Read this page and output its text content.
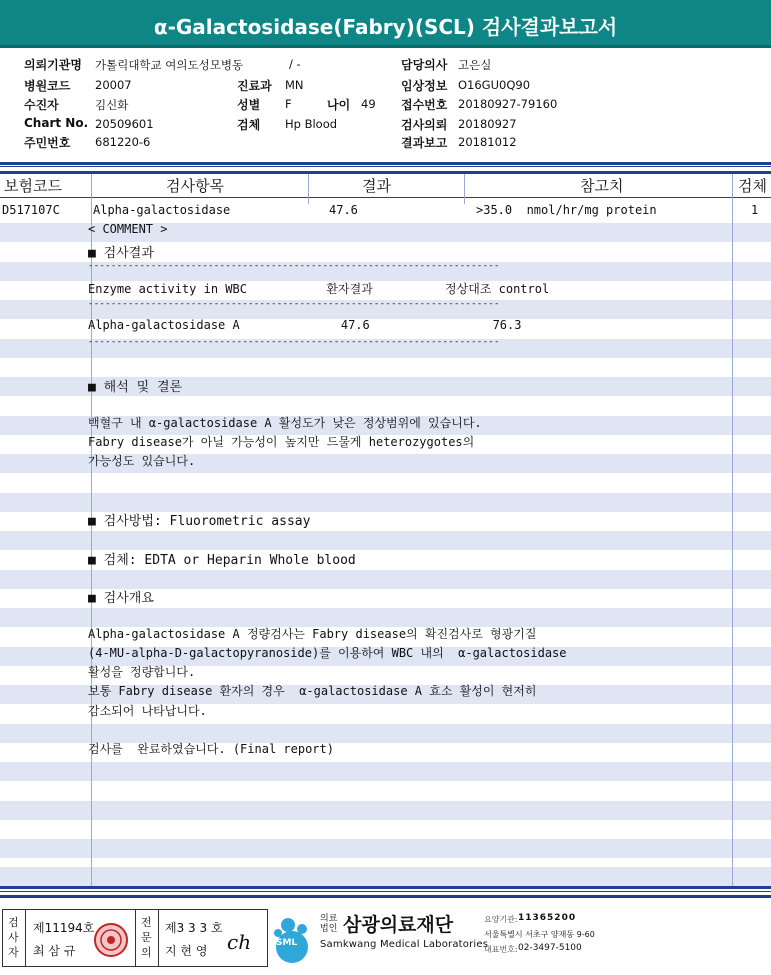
α-Galactosidase(Fabry)(SCL) 검사결과보고서
의뢰기관명 가톨릭대학교 여의도성모병동
병원코드 20007
수진자	김신화
Chart No. 20509601
주민번호 681220-6
/ -
진료과 MN
성별 F	나이 49
검체 Hp Blood
담당의사 고은실
임상정보 O16GU0Q90
접수번호 20180927-79160
검사의뢰 20180927
결과보고 20181012
보험코드	검사항목	결과	참고치	검체
D517107C	Alpha-galactosidase	47.6	>35.0  nmol/hr/mg protein	1
< COMMENT >
■ 검사결과
------------------------------------------------------------------------
Enzyme activity in WBC           환자결과          정상대조 control
------------------------------------------------------------------------
Alpha-galactosidase A              47.6                 76.3
------------------------------------------------------------------------
■ 해석 및 결론
백혈구 내 α-galactosidase A 활성도가 낮은 정상범위에 있습니다.
Fabry disease가 아닐 가능성이 높지만 드물게 heterozygotes의
가능성도 있습니다.
■ 검사방법: Fluorometric assay
■ 검체: EDTA or Heparin Whole blood
■ 검사개요
Alpha-galactosidase A 정량검사는 Fabry disease의 확진검사로 형광기질
(4-MU-alpha-D-galactopyranoside)를 이용하여 WBC 내의  α-galactosidase
활성을 정량합니다.
보통 Fabry disease 환자의 경우  α-galactosidase A 효소 활성이 현저히
감소되어 나타납니다.
검사를  완료하였습니다. (Final report)
검
사
자
제11194호
최 삼 규
전
문
의
제3 3 3 호
지 현 영 ch	SML
의료법인 삼광의료재단
Samkwang Medical Laboratories
요양기관: 11365200
서울특별시 서초구 양재동 9-60
대표번호: 02-3497-5100
